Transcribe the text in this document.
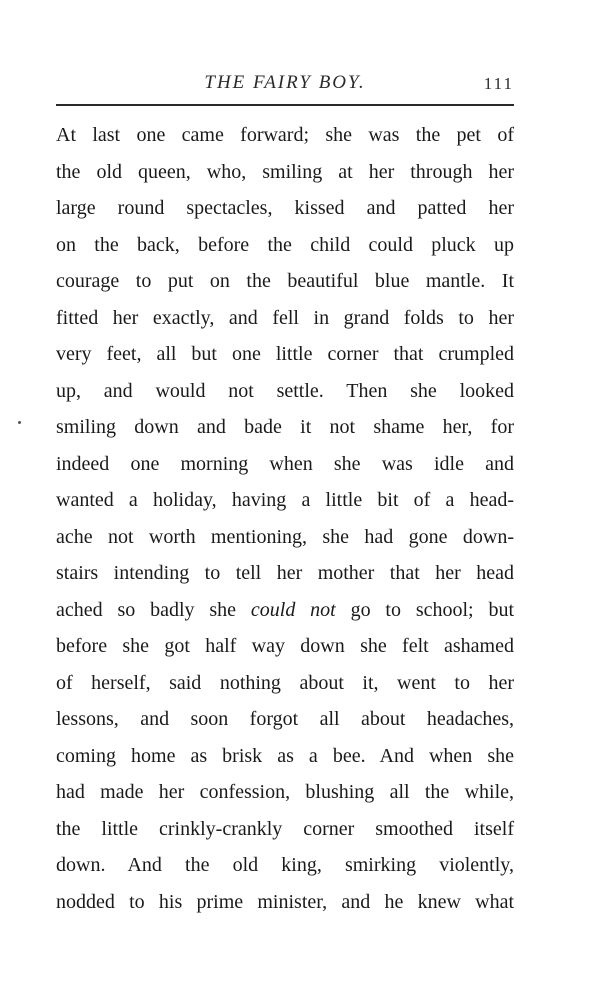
THE FAIRY BOY.	111
At last one came forward; she was the pet of
the old queen, who, smiling at her through her
large round spectacles, kissed and patted her
on the back, before the child could pluck up
courage to put on the beautiful blue mantle. It
fitted her exactly, and fell in grand folds to her
very feet, all but one little corner that crumpled
up, and would not settle. Then she looked
smiling down and bade it not shame her, for
indeed one morning when she was idle and
wanted a holiday, having a little bit of a head-
ache not worth mentioning, she had gone down-
stairs intending to tell her mother that her head
ached so badly she could not go to school; but
before she got half way down she felt ashamed
of herself, said nothing about it, went to her
lessons, and soon forgot all about headaches,
coming home as brisk as a bee. And when she
had made her confession, blushing all the while,
the little crinkly-crankly corner smoothed itself
down. And the old king, smirking violently,
nodded to his prime minister, and he knew what
